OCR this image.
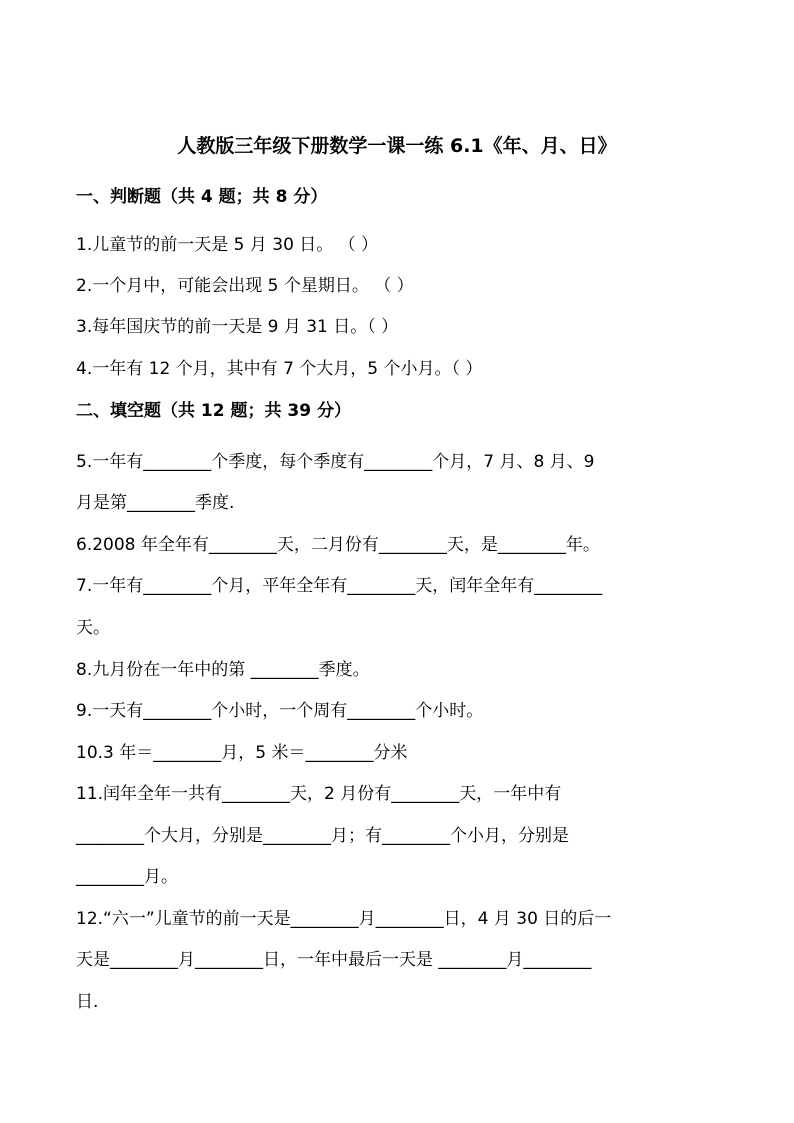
人教版三年级下册数学一课一练 6.1《年、月、日》
一、判断题（共 4 题；共 8 分）
1.儿童节的前一天是 5 月 30 日。 （ ）
2.一个月中，可能会出现 5 个星期日。 （ ）
3.每年国庆节的前一天是 9 月 31 日。（ ）
4.一年有 12 个月，其中有 7 个大月，5 个小月。（ ）
二、填空题（共 12 题；共 39 分）
5.一年有________个季度，每个季度有________个月，7 月、8 月、9
月是第________季度.
6.2008 年全年有________天，二月份有________天，是________年。
7.一年有________个月，平年全年有________天，闰年全年有________
天。
8.九月份在一年中的第 ________季度。
9.一天有________个小时，一个周有________个小时。
10.3 年＝________月，5 米＝________分米
11.闰年全年一共有________天，2 月份有________天，一年中有
________个大月，分别是________月；有________个小月，分别是
________月。
12.“六一”儿童节的前一天是________月________日，4 月 30 日的后一
天是________月________日，一年中最后一天是 ________月________
日.
